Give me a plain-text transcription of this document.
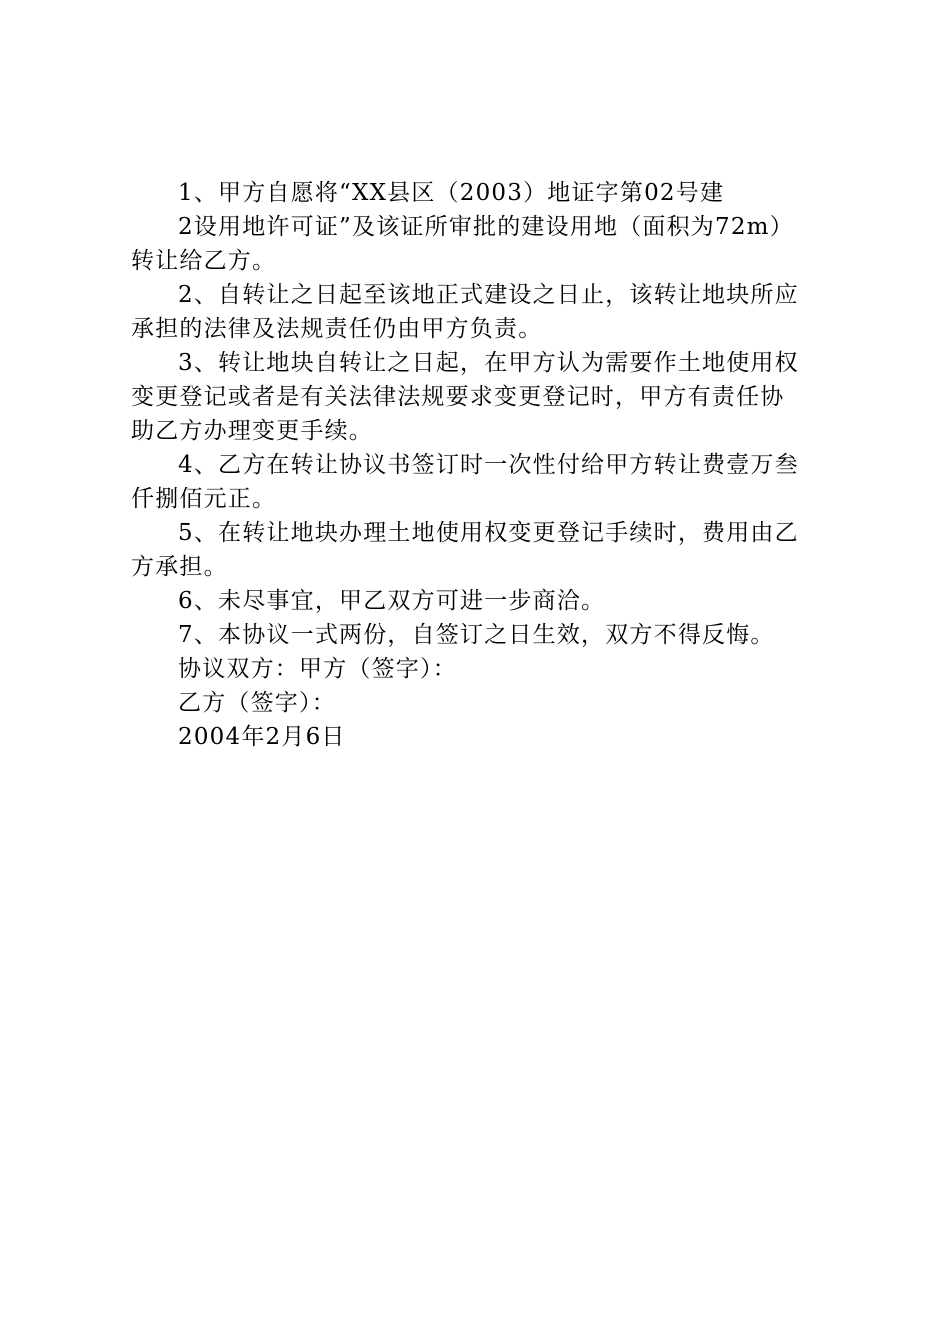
1、甲方自愿将“XX县区（2003）地证字第02号建
2设用地许可证”及该证所审批的建设用地（面积为72m）
转让给乙方。
2、自转让之日起至该地正式建设之日止，该转让地块所应
承担的法律及法规责任仍由甲方负责。
3、转让地块自转让之日起，在甲方认为需要作土地使用权
变更登记或者是有关法律法规要求变更登记时，甲方有责任协
助乙方办理变更手续。
4、乙方在转让协议书签订时一次性付给甲方转让费壹万叁
仟捌佰元正。
5、在转让地块办理土地使用权变更登记手续时，费用由乙
方承担。
6、未尽事宜，甲乙双方可进一步商洽。
7、本协议一式两份，自签订之日生效，双方不得反悔。
协议双方：甲方（签字）：
乙方（签字）：
2004年2月6日
